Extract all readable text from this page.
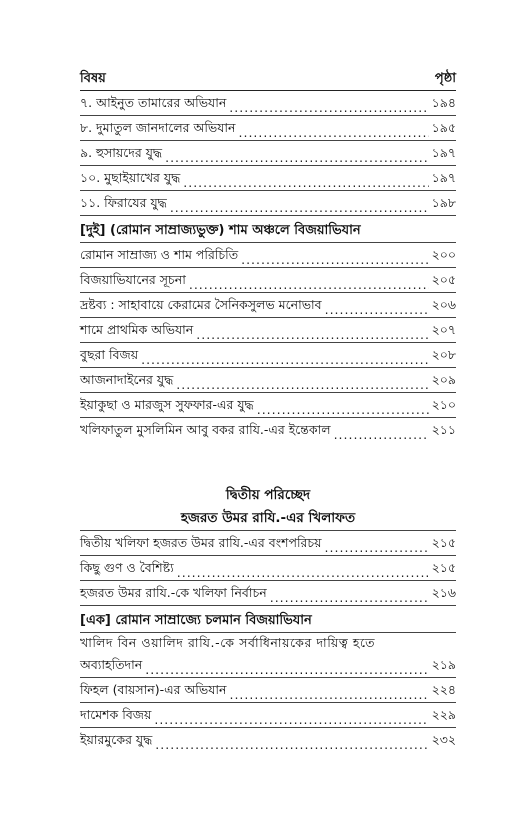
বিষয়	পৃষ্ঠা
৭. আইনুত তামারের অভিযান .....	১৯৪
৮. দুমাতুল জানদালের অভিযান .....	১৯৫
৯. হুসায়দের যুদ্ধ .....	১৯৭
১০. মুছাইয়াখের যুদ্ধ .....	১৯৭
১১. ফিরাযের যুদ্ধ .....	১৯৮
[দুই] (রোমান সাম্রাজ্যভুক্ত) শাম অঞ্চলে বিজয়াভিযান
রোমান সাম্রাজ্য ও শাম পরিচিতি .....	২০০
বিজয়াভিযানের সূচনা .....	২০৫
দ্রষ্টব্য : সাহাবায়ে কেরামের সৈনিকসুলভ মনোভাব .....	২০৬
শামে প্রাথমিক অভিযান .....	২০৭
বুছরা বিজয় .....	২০৮
আজনাদাইনের যুদ্ধ .....	২০৯
ইয়াকুছা ও মারজুস সুফফার-এর যুদ্ধ .....	২১০
খলিফাতুল মুসলিমিন আবু বকর রাযি.-এর ইন্তেকাল .....	২১১
দ্বিতীয় পরিচ্ছেদ
হজরত উমর রাযি.-এর খিলাফত
দ্বিতীয় খলিফা হজরত উমর রাযি.-এর বংশপরিচয় .....	২১৫
কিছু গুণ ও বৈশিষ্ট্য .....	২১৫
হজরত উমর রাযি.-কে খলিফা নির্বাচন .....	২১৬
[এক] রোমান সাম্রাজ্যে চলমান বিজয়াভিযান
খালিদ বিন ওয়ালিদ রাযি.-কে সর্বাধিনায়কের দায়িত্ব হতে
অব্যাহতিদান .....	২১৯
ফিহল (বায়সান)-এর অভিযান .....	২২৪
দামেশক বিজয় .....	২২৯
ইয়ারমুকের যুদ্ধ .....	২৩২
